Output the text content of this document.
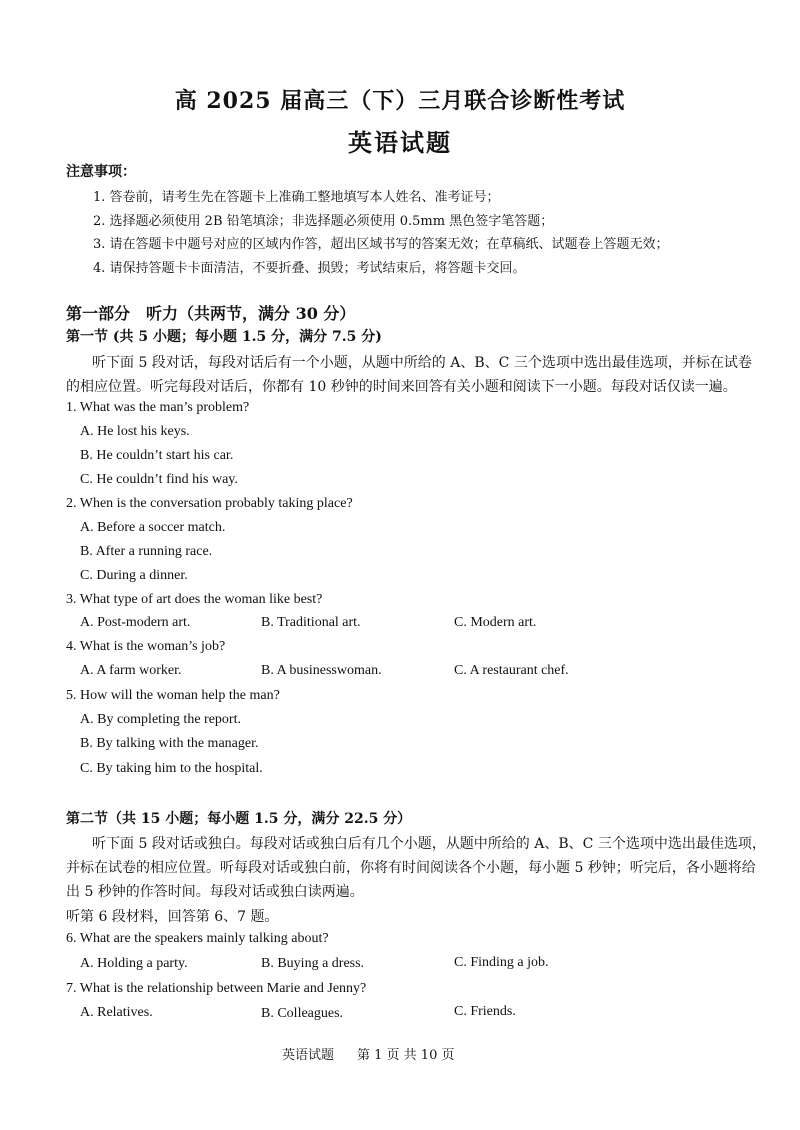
高 2025 届高三（下）三月联合诊断性考试
英语试题
注意事项：
1. 答卷前，请考生先在答题卡上准确工整地填写本人姓名、准考证号；
2. 选择题必须使用 2B 铅笔填涂；非选择题必须使用 0.5mm 黑色签字笔答题；
3. 请在答题卡中题号对应的区域内作答，超出区域书写的答案无效；在草稿纸、试题卷上答题无效；
4. 请保持答题卡卡面清洁，不要折叠、损毁；考试结束后，将答题卡交回。
第一部分　听力（共两节，满分 30 分）
第一节 (共 5 小题；每小题 1.5 分，满分 7.5 分)
听下面 5 段对话，每段对话后有一个小题，从题中所给的 A、B、C 三个选项中选出最佳选项，并标在试卷
的相应位置。听完每段对话后，你都有 10 秒钟的时间来回答有关小题和阅读下一小题。每段对话仅读一遍。
1. What was the man’s problem?
A. He lost his keys.
B. He couldn’t start his car.
C. He couldn’t find his way.
2. When is the conversation probably taking place?
A. Before a soccer match.
B. After a running race.
C. During a dinner.
3. What type of art does the woman like best?
A. Post-modern art.	B. Traditional art.	C. Modern art.
4. What is the woman’s job?
A. A farm worker.	B. A businesswoman.	C. A restaurant chef.
5. How will the woman help the man?
A. By completing the report.
B. By talking with the manager.
C. By taking him to the hospital.
第二节（共 15 小题；每小题 1.5 分，满分 22.5 分）
听下面 5 段对话或独白。每段对话或独白后有几个小题，从题中所给的 A、B、C 三个选项中选出最佳选项，
并标在试卷的相应位置。听每段对话或独白前，你将有时间阅读各个小题，每小题 5 秒钟；听完后，各小题将给
出 5 秒钟的作答时间。每段对话或独白读两遍。
听第 6 段材料，回答第 6、7 题。
6. What are the speakers mainly talking about?
A. Holding a party.	B. Buying a dress.	C. Finding a job.
7. What is the relationship between Marie and Jenny?
A. Relatives.	B. Colleagues.	C. Friends.
英语试题 第 1 页 共 10 页
